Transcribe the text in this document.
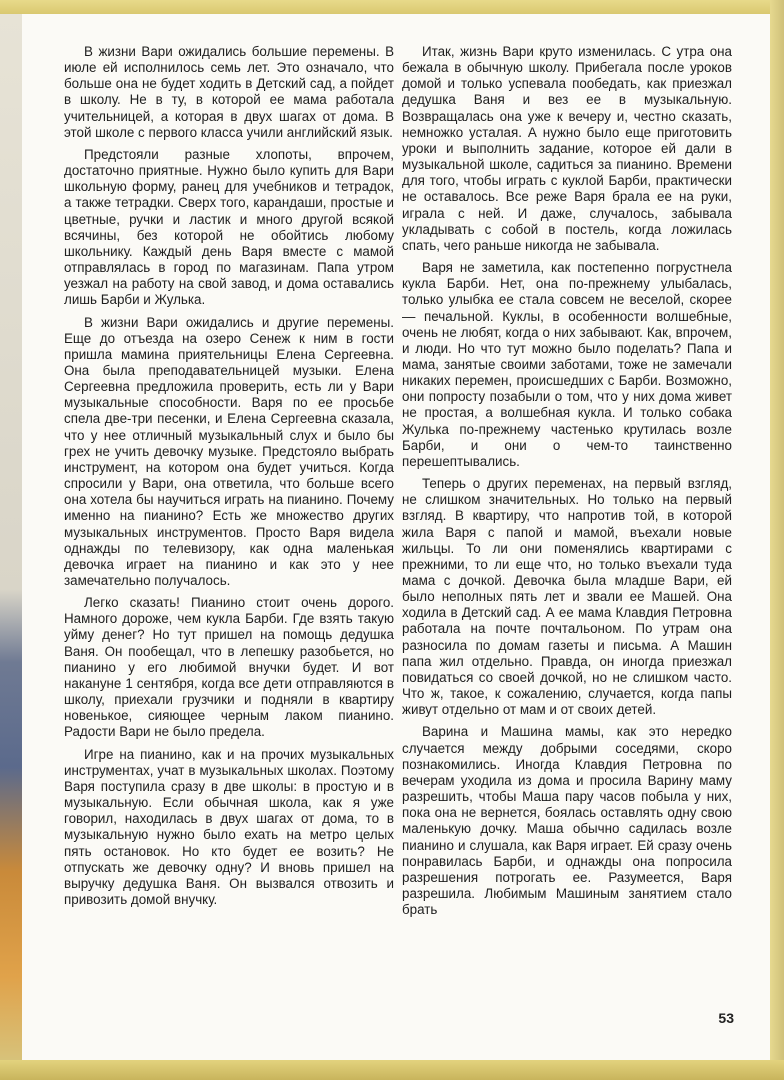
В жизни Вари ожидались большие перемены. В июле ей исполнилось семь лет. Это означало, что больше она не будет ходить в Детский сад, а пойдет в школу. Не в ту, в которой ее мама работала учительницей, а которая в двух шагах от дома. В этой школе с первого класса учили английский язык.

Предстояли разные хлопоты, впрочем, достаточно приятные. Нужно было купить для Вари школьную форму, ранец для учебников и тетрадок, а также тетрадки. Сверх того, карандаши, простые и цветные, ручки и ластик и много другой всякой всячины, без которой не обойтись любому школьнику. Каждый день Варя вместе с мамой отправлялась в город по магазинам. Папа утром уезжал на работу на свой завод, и дома оставались лишь Барби и Жулька.

В жизни Вари ожидались и другие перемены. Еще до отъезда на озеро Сенеж к ним в гости пришла мамина приятельницы Елена Сергеевна. Она была преподавательницей музыки. Елена Сергеевна предложила проверить, есть ли у Вари музыкальные способности. Варя по ее просьбе спела две-три песенки, и Елена Сергеевна сказала, что у нее отличный музыкальный слух и было бы грех не учить девочку музыке. Предстояло выбрать инструмент, на котором она будет учиться. Когда спросили у Вари, она ответила, что больше всего она хотела бы научиться играть на пианино. Почему именно на пианино? Есть же множество других музыкальных инструментов. Просто Варя видела однажды по телевизору, как одна маленькая девочка играет на пианино и как это у нее замечательно получалось.

Легко сказать! Пианино стоит очень дорого. Намного дороже, чем кукла Барби. Где взять такую уйму денег? Но тут пришел на помощь дедушка Ваня. Он пообещал, что в лепешку разобьется, но пианино у его любимой внучки будет. И вот накануне 1 сентября, когда все дети отправляются в школу, приехали грузчики и подняли в квартиру новенькое, сияющее черным лаком пианино. Радости Вари не было предела.

Игре на пианино, как и на прочих музыкальных инструментах, учат в музыкальных школах. Поэтому Варя поступила сразу в две школы: в простую и в музыкальную. Если обычная школа, как я уже говорил, находилась в двух шагах от дома, то в музыкальную нужно было ехать на метро целых пять остановок. Но кто будет ее возить? Не отпускать же девочку одну? И вновь пришел на выручку дедушка Ваня. Он вызвался отвозить и привозить домой внучку.

Итак, жизнь Вари круто изменилась. С утра она бежала в обычную школу. Прибегала после уроков домой и только успевала пообедать, как приезжал дедушка Ваня и вез ее в музыкальную. Возвращалась она уже к вечеру и, честно сказать, немножко усталая. А нужно было еще приготовить уроки и выполнить задание, которое ей дали в музыкальной школе, садиться за пианино. Времени для того, чтобы играть с куклой Барби, практически не оставалось. Все реже Варя брала ее на руки, играла с ней. И даже, случалось, забывала укладывать с собой в постель, когда ложилась спать, чего раньше никогда не забывала.

Варя не заметила, как постепенно погрустнела кукла Барби. Нет, она по-прежнему улыбалась, только улыбка ее стала совсем не веселой, скорее — печальной. Куклы, в особенности волшебные, очень не любят, когда о них забывают. Как, впрочем, и люди. Но что тут можно было поделать? Папа и мама, занятые своими заботами, тоже не замечали никаких перемен, происшедших с Барби. Возможно, они попросту позабыли о том, что у них дома живет не простая, а волшебная кукла. И только собака Жулька по-прежнему частенько крутилась возле Барби, и они о чем-то таинственно перешептывались.

Теперь о других переменах, на первый взгляд, не слишком значительных. Но только на первый взгляд. В квартиру, что напротив той, в которой жила Варя с папой и мамой, въехали новые жильцы. То ли они поменялись квартирами с прежними, то ли еще что, но только въехали туда мама с дочкой. Девочка была младше Вари, ей было неполных пять лет и звали ее Машей. Она ходила в Детский сад. А ее мама Клавдия Петровна работала на почте почтальоном. По утрам она разносила по домам газеты и письма. А Машин папа жил отдельно. Правда, он иногда приезжал повидаться со своей дочкой, но не слишком часто. Что ж, такое, к сожалению, случается, когда папы живут отдельно от мам и от своих детей.

Варина и Машина мамы, как это нередко случается между добрыми соседями, скоро познакомились. Иногда Клавдия Петровна по вечерам уходила из дома и просила Варину маму разрешить, чтобы Маша пару часов побыла у них, пока она не вернется, боялась оставлять одну свою маленькую дочку. Маша обычно садилась возле пианино и слушала, как Варя играет. Ей сразу очень понравилась Барби, и однажды она попросила разрешения потрогать ее. Разумеется, Варя разрешила. Любимым Машиным занятием стало брать

53
